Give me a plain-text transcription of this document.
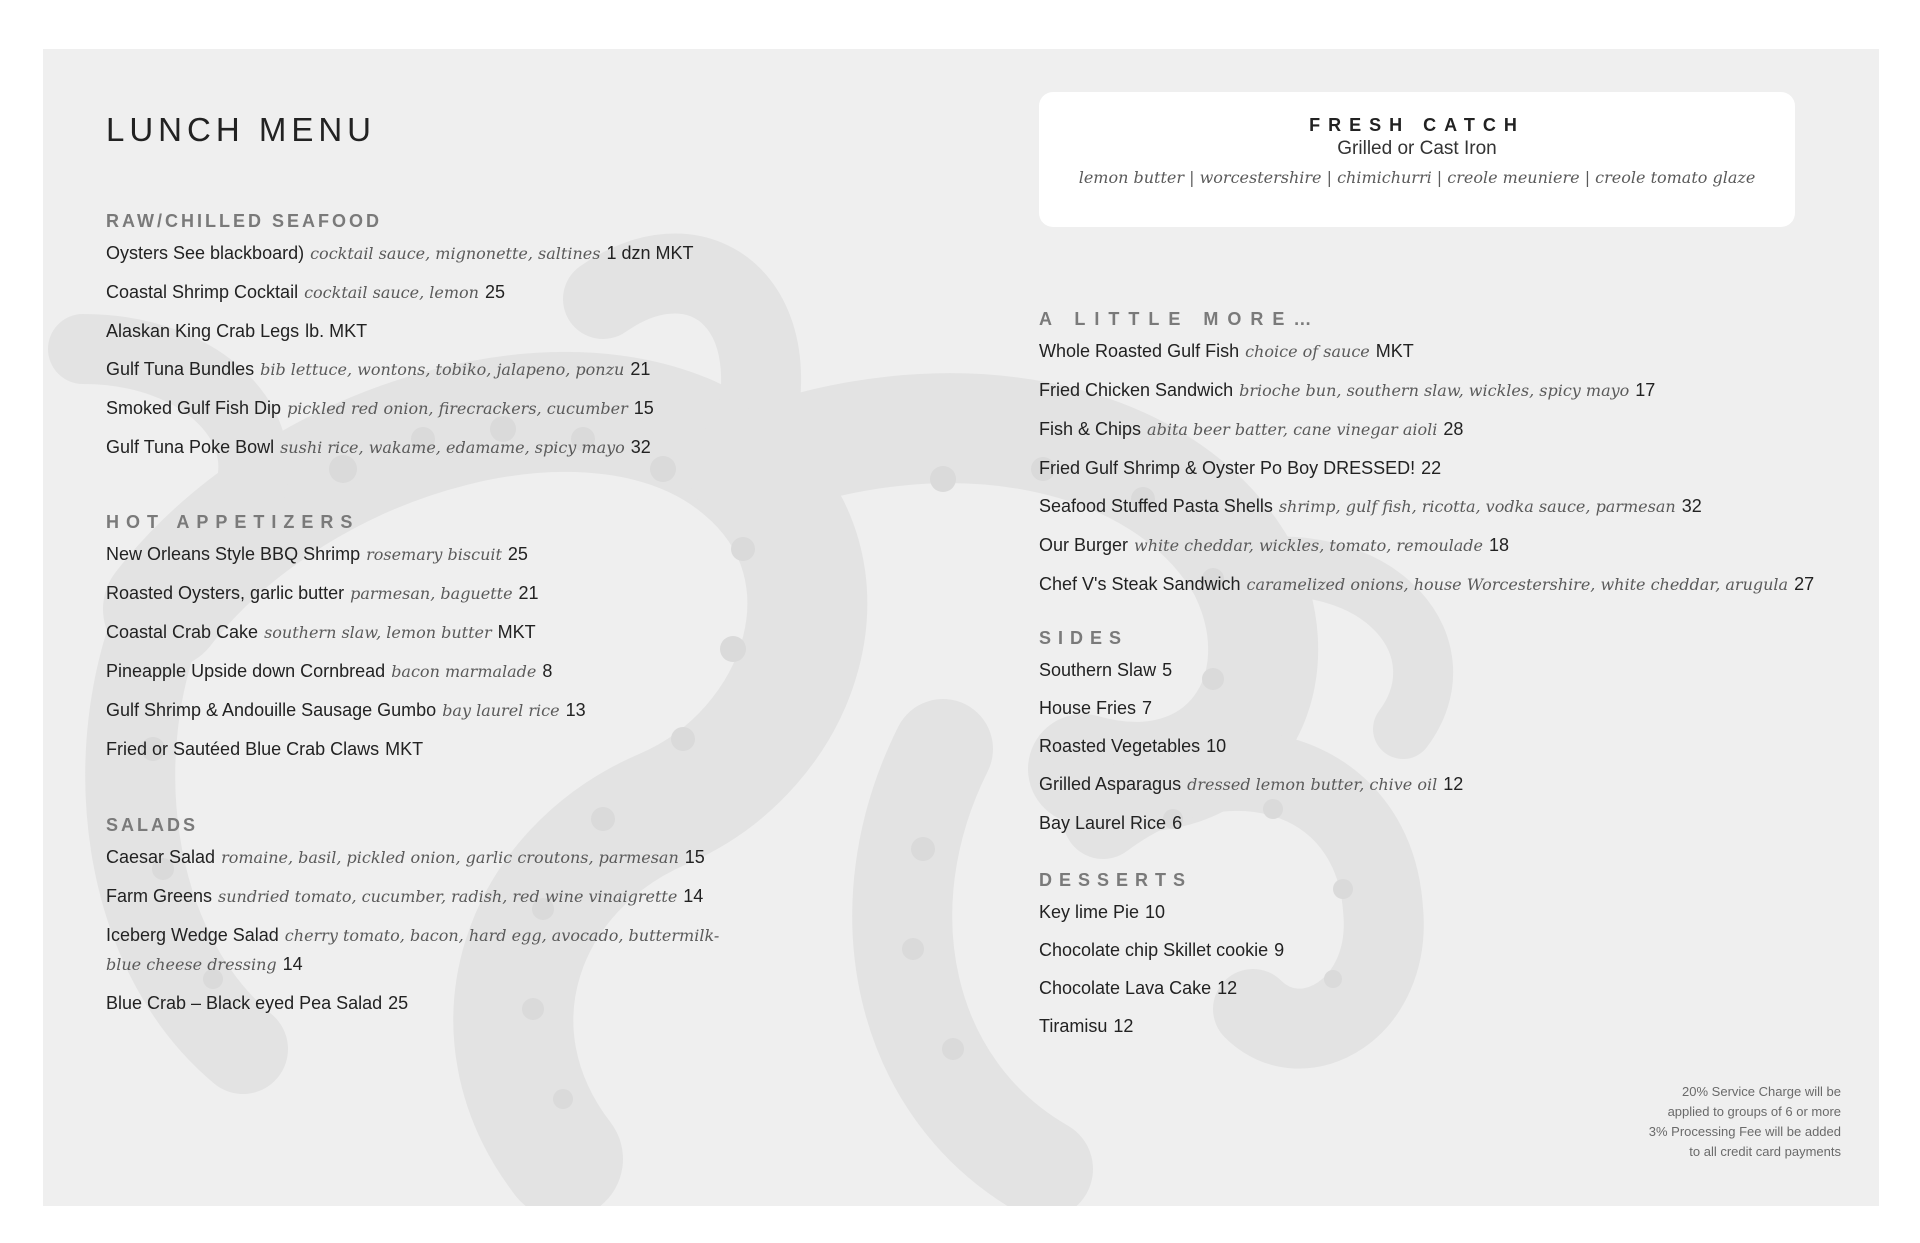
LUNCH MENU
RAW/CHILLED SEAFOOD
Oysters See blackboard) cocktail sauce, mignonette, saltines 1 dzn MKT
Coastal Shrimp Cocktail cocktail sauce, lemon 25
Alaskan King Crab Legs lb. MKT
Gulf Tuna Bundles bib lettuce, wontons, tobiko, jalapeno, ponzu 21
Smoked Gulf Fish Dip pickled red onion, firecrackers, cucumber 15
Gulf Tuna Poke Bowl sushi rice, wakame, edamame, spicy mayo 32
HOT APPETIZERS
New Orleans Style BBQ Shrimp rosemary biscuit 25
Roasted Oysters, garlic butter parmesan, baguette 21
Coastal Crab Cake southern slaw, lemon butter MKT
Pineapple Upside down Cornbread bacon marmalade 8
Gulf Shrimp & Andouille Sausage Gumbo bay laurel rice 13
Fried or Sautéed Blue Crab Claws MKT
SALADS
Caesar Salad romaine, basil, pickled onion, garlic croutons, parmesan 15
Farm Greens sundried tomato, cucumber, radish, red wine vinaigrette 14
Iceberg Wedge Salad cherry tomato, bacon, hard egg, avocado, buttermilk-blue cheese dressing 14
Blue Crab – Black eyed Pea Salad 25
FRESH CATCH
Grilled or Cast Iron
lemon butter | worcestershire | chimichurri | creole meuniere | creole tomato glaze
A LITTLE MORE…
Whole Roasted Gulf Fish choice of sauce MKT
Fried Chicken Sandwich brioche bun, southern slaw, wickles, spicy mayo 17
Fish & Chips abita beer batter, cane vinegar aioli 28
Fried Gulf Shrimp & Oyster Po Boy DRESSED! 22
Seafood Stuffed Pasta Shells shrimp, gulf fish, ricotta, vodka sauce, parmesan 32
Our Burger white cheddar, wickles, tomato, remoulade 18
Chef V's Steak Sandwich caramelized onions, house Worcestershire, white cheddar, arugula 27
SIDES
Southern Slaw 5
House Fries 7
Roasted Vegetables 10
Grilled Asparagus dressed lemon butter, chive oil 12
Bay Laurel Rice 6
DESSERTS
Key lime Pie 10
Chocolate chip Skillet cookie 9
Chocolate Lava Cake 12
Tiramisu 12
20% Service Charge will be
applied to groups of 6 or more
3% Processing Fee will be added
to all credit card payments
